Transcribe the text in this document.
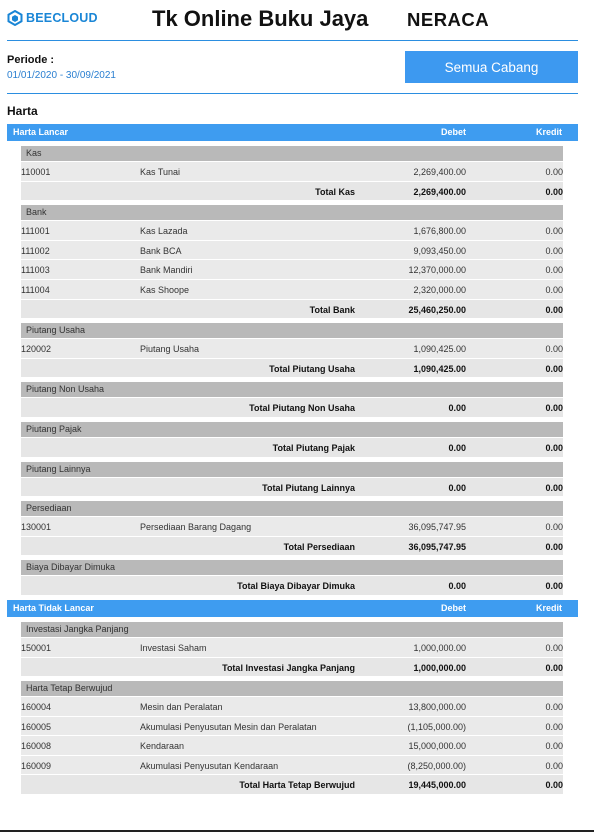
BEECLOUD Tk Online Buku Jaya NERACA
Periode :
01/01/2020 - 30/09/2021
Semua Cabang
Harta
Harta Lancar	Debet	Kredit
Kas
110001	Kas Tunai	2,269,400.00	0.00
Total Kas	2,269,400.00	0.00
Bank
111001	Kas Lazada	1,676,800.00	0.00
111002	Bank BCA	9,093,450.00	0.00
111003	Bank Mandiri	12,370,000.00	0.00
111004	Kas Shoope	2,320,000.00	0.00
Total Bank	25,460,250.00	0.00
Piutang Usaha
120002	Piutang Usaha	1,090,425.00	0.00
Total Piutang Usaha	1,090,425.00	0.00
Piutang Non Usaha
Total Piutang Non Usaha	0.00	0.00
Piutang Pajak
Total Piutang Pajak	0.00	0.00
Piutang Lainnya
Total Piutang Lainnya	0.00	0.00
Persediaan
130001	Persediaan Barang Dagang	36,095,747.95	0.00
Total Persediaan	36,095,747.95	0.00
Biaya Dibayar Dimuka
Total Biaya Dibayar Dimuka	0.00	0.00
Harta Tidak Lancar	Debet	Kredit
Investasi Jangka Panjang
150001	Investasi Saham	1,000,000.00	0.00
Total Investasi Jangka Panjang	1,000,000.00	0.00
Harta Tetap Berwujud
160004	Mesin dan Peralatan	13,800,000.00	0.00
160005	Akumulasi Penyusutan Mesin dan Peralatan	(1,105,000.00)	0.00
160008	Kendaraan	15,000,000.00	0.00
160009	Akumulasi Penyusutan Kendaraan	(8,250,000.00)	0.00
Total Harta Tetap Berwujud	19,445,000.00	0.00
